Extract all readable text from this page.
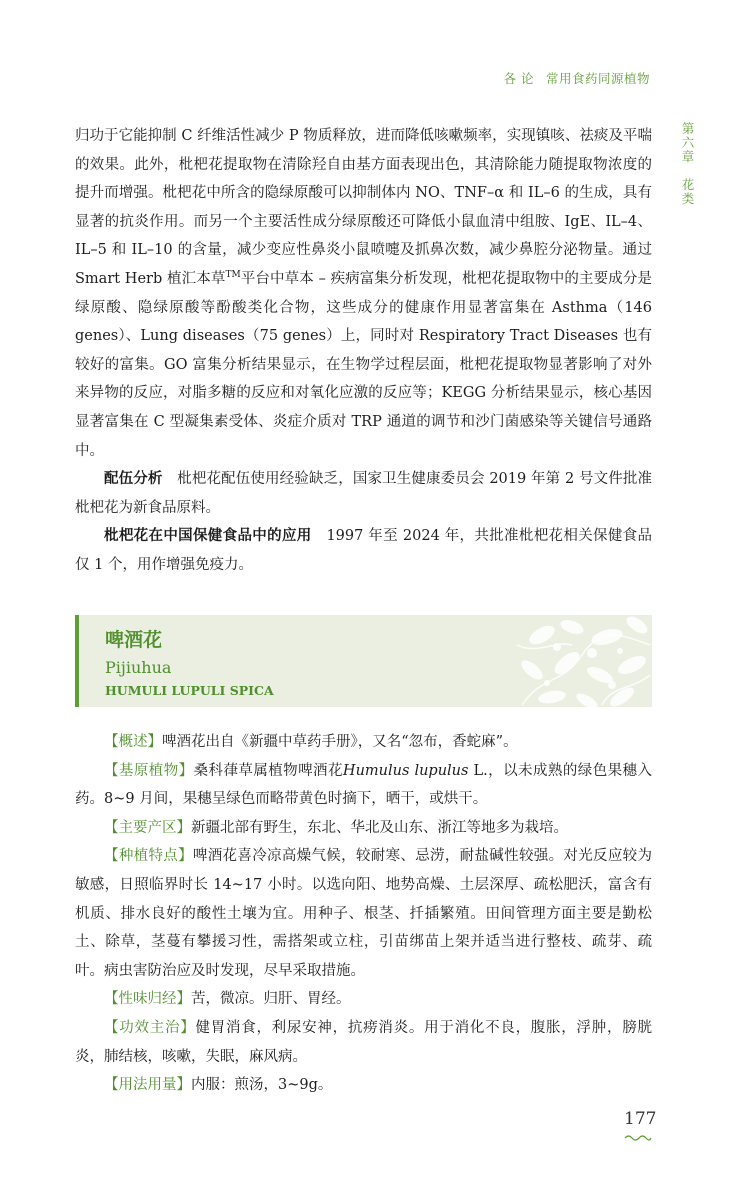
各 论 常用食药同源植物
第六章
花类

归功于它能抑制 C 纤维活性减少 P 物质释放，进而降低咳嗽频率，实现镇咳、祛痰及平喘的效果。此外，枇杷花提取物在清除羟自由基方面表现出色，其清除能力随提取物浓度的提升而增强。枇杷花中所含的隐绿原酸可以抑制体内 NO、TNF–α 和 IL–6 的生成，具有显著的抗炎作用。而另一个主要活性成分绿原酸还可降低小鼠血清中组胺、IgE、IL–4、IL–5 和 IL–10 的含量，减少变应性鼻炎小鼠喷嚏及抓鼻次数，减少鼻腔分泌物量。通过 Smart Herb 植汇本草™平台中草本 – 疾病富集分析发现，枇杷花提取物中的主要成分是绿原酸、隐绿原酸等酚酸类化合物，这些成分的健康作用显著富集在 Asthma（146 genes）、Lung diseases（75 genes）上，同时对 Respiratory Tract Diseases 也有较好的富集。GO 富集分析结果显示，在生物学过程层面，枇杷花提取物显著影响了对外来异物的反应，对脂多糖的反应和对氧化应激的反应等；KEGG 分析结果显示，核心基因显著富集在 C 型凝集素受体、炎症介质对 TRP 通道的调节和沙门菌感染等关键信号通路中。

配伍分析　 枇杷花配伍使用经验缺乏，国家卫生健康委员会 2019 年第 2 号文件批准枇杷花为新食品原料。

枇杷花在中国保健食品中的应用　 1997 年至 2024 年，共批准枇杷花相关保健食品仅 1 个，用作增强免疫力。

啤酒花
Pijiuhua
HUMULI LUPULI SPICA

【概述】啤酒花出自《新疆中草药手册》，又名“忽布，香蛇麻”。

【基原植物】桑科葎草属植物啤酒花Humulus lupulus L.，以未成熟的绿色果穗入药。8~9 月间，果穗呈绿色而略带黄色时摘下，晒干，或烘干。

【主要产区】新疆北部有野生，东北、华北及山东、浙江等地多为栽培。

【种植特点】啤酒花喜冷凉高燥气候，较耐寒、忌涝，耐盐碱性较强。对光反应较为敏感，日照临界时长 14~17 小时。以选向阳、地势高燥、土层深厚、疏松肥沃，富含有机质、排水良好的酸性土壤为宜。用种子、根茎、扦插繁殖。田间管理方面主要是勤松土、除草，茎蔓有攀援习性，需搭架或立柱，引苗绑苗上架并适当进行整枝、疏芽、疏叶。病虫害防治应及时发现，尽早采取措施。

【性味归经】苦，微凉。归肝、胃经。

【功效主治】健胃消食，利尿安神，抗痨消炎。用于消化不良，腹胀，浮肿，膀胱炎，肺结核，咳嗽，失眠，麻风病。

【用法用量】内服：煎汤，3~9g。

177
